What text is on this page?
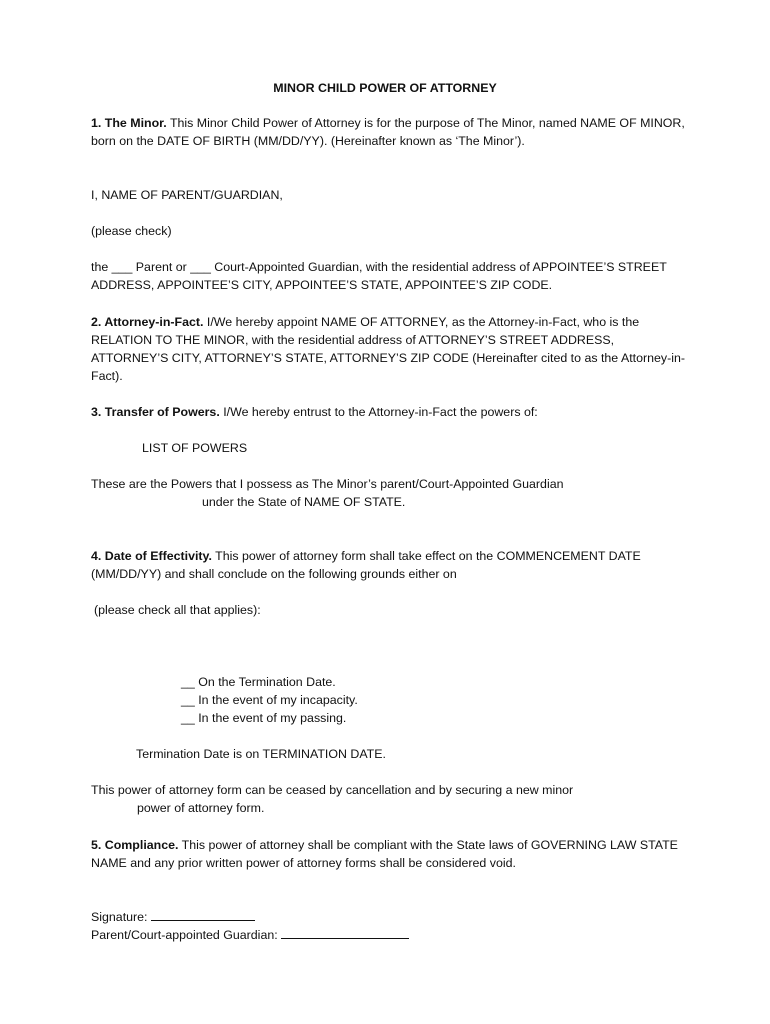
MINOR CHILD POWER OF ATTORNEY

1. The Minor. This Minor Child Power of Attorney is for the purpose of The Minor, named NAME OF MINOR, born on the DATE OF BIRTH (MM/DD/YY). (Hereinafter known as ‘The Minor’).

I, NAME OF PARENT/GUARDIAN,

(please check)

the ___ Parent or ___ Court-Appointed Guardian, with the residential address of APPOINTEE’S STREET ADDRESS, APPOINTEE’S CITY, APPOINTEE’S STATE, APPOINTEE’S ZIP CODE.

2. Attorney-in-Fact. I/We hereby appoint NAME OF ATTORNEY, as the Attorney-in-Fact, who is the RELATION TO THE MINOR, with the residential address of ATTORNEY’S STREET ADDRESS, ATTORNEY’S CITY, ATTORNEY’S STATE, ATTORNEY’S ZIP CODE (Hereinafter cited to as the Attorney-in-Fact).

3. Transfer of Powers. I/We hereby entrust to the Attorney-in-Fact the powers of:

LIST OF POWERS

These are the Powers that I possess as The Minor’s parent/Court-Appointed Guardian
under the State of NAME OF STATE.

4. Date of Effectivity. This power of attorney form shall take effect on the COMMENCEMENT DATE (MM/DD/YY) and shall conclude on the following grounds either on

(please check all that applies):

__ On the Termination Date.
__ In the event of my incapacity.
__ In the event of my passing.
Termination Date is on TERMINATION DATE.

This power of attorney form can be ceased by cancellation and by securing a new minor
power of attorney form.

5. Compliance. This power of attorney shall be compliant with the State laws of GOVERNING LAW STATE NAME and any prior written power of attorney forms shall be considered void.

Signature:
Parent/Court-appointed Guardian:
